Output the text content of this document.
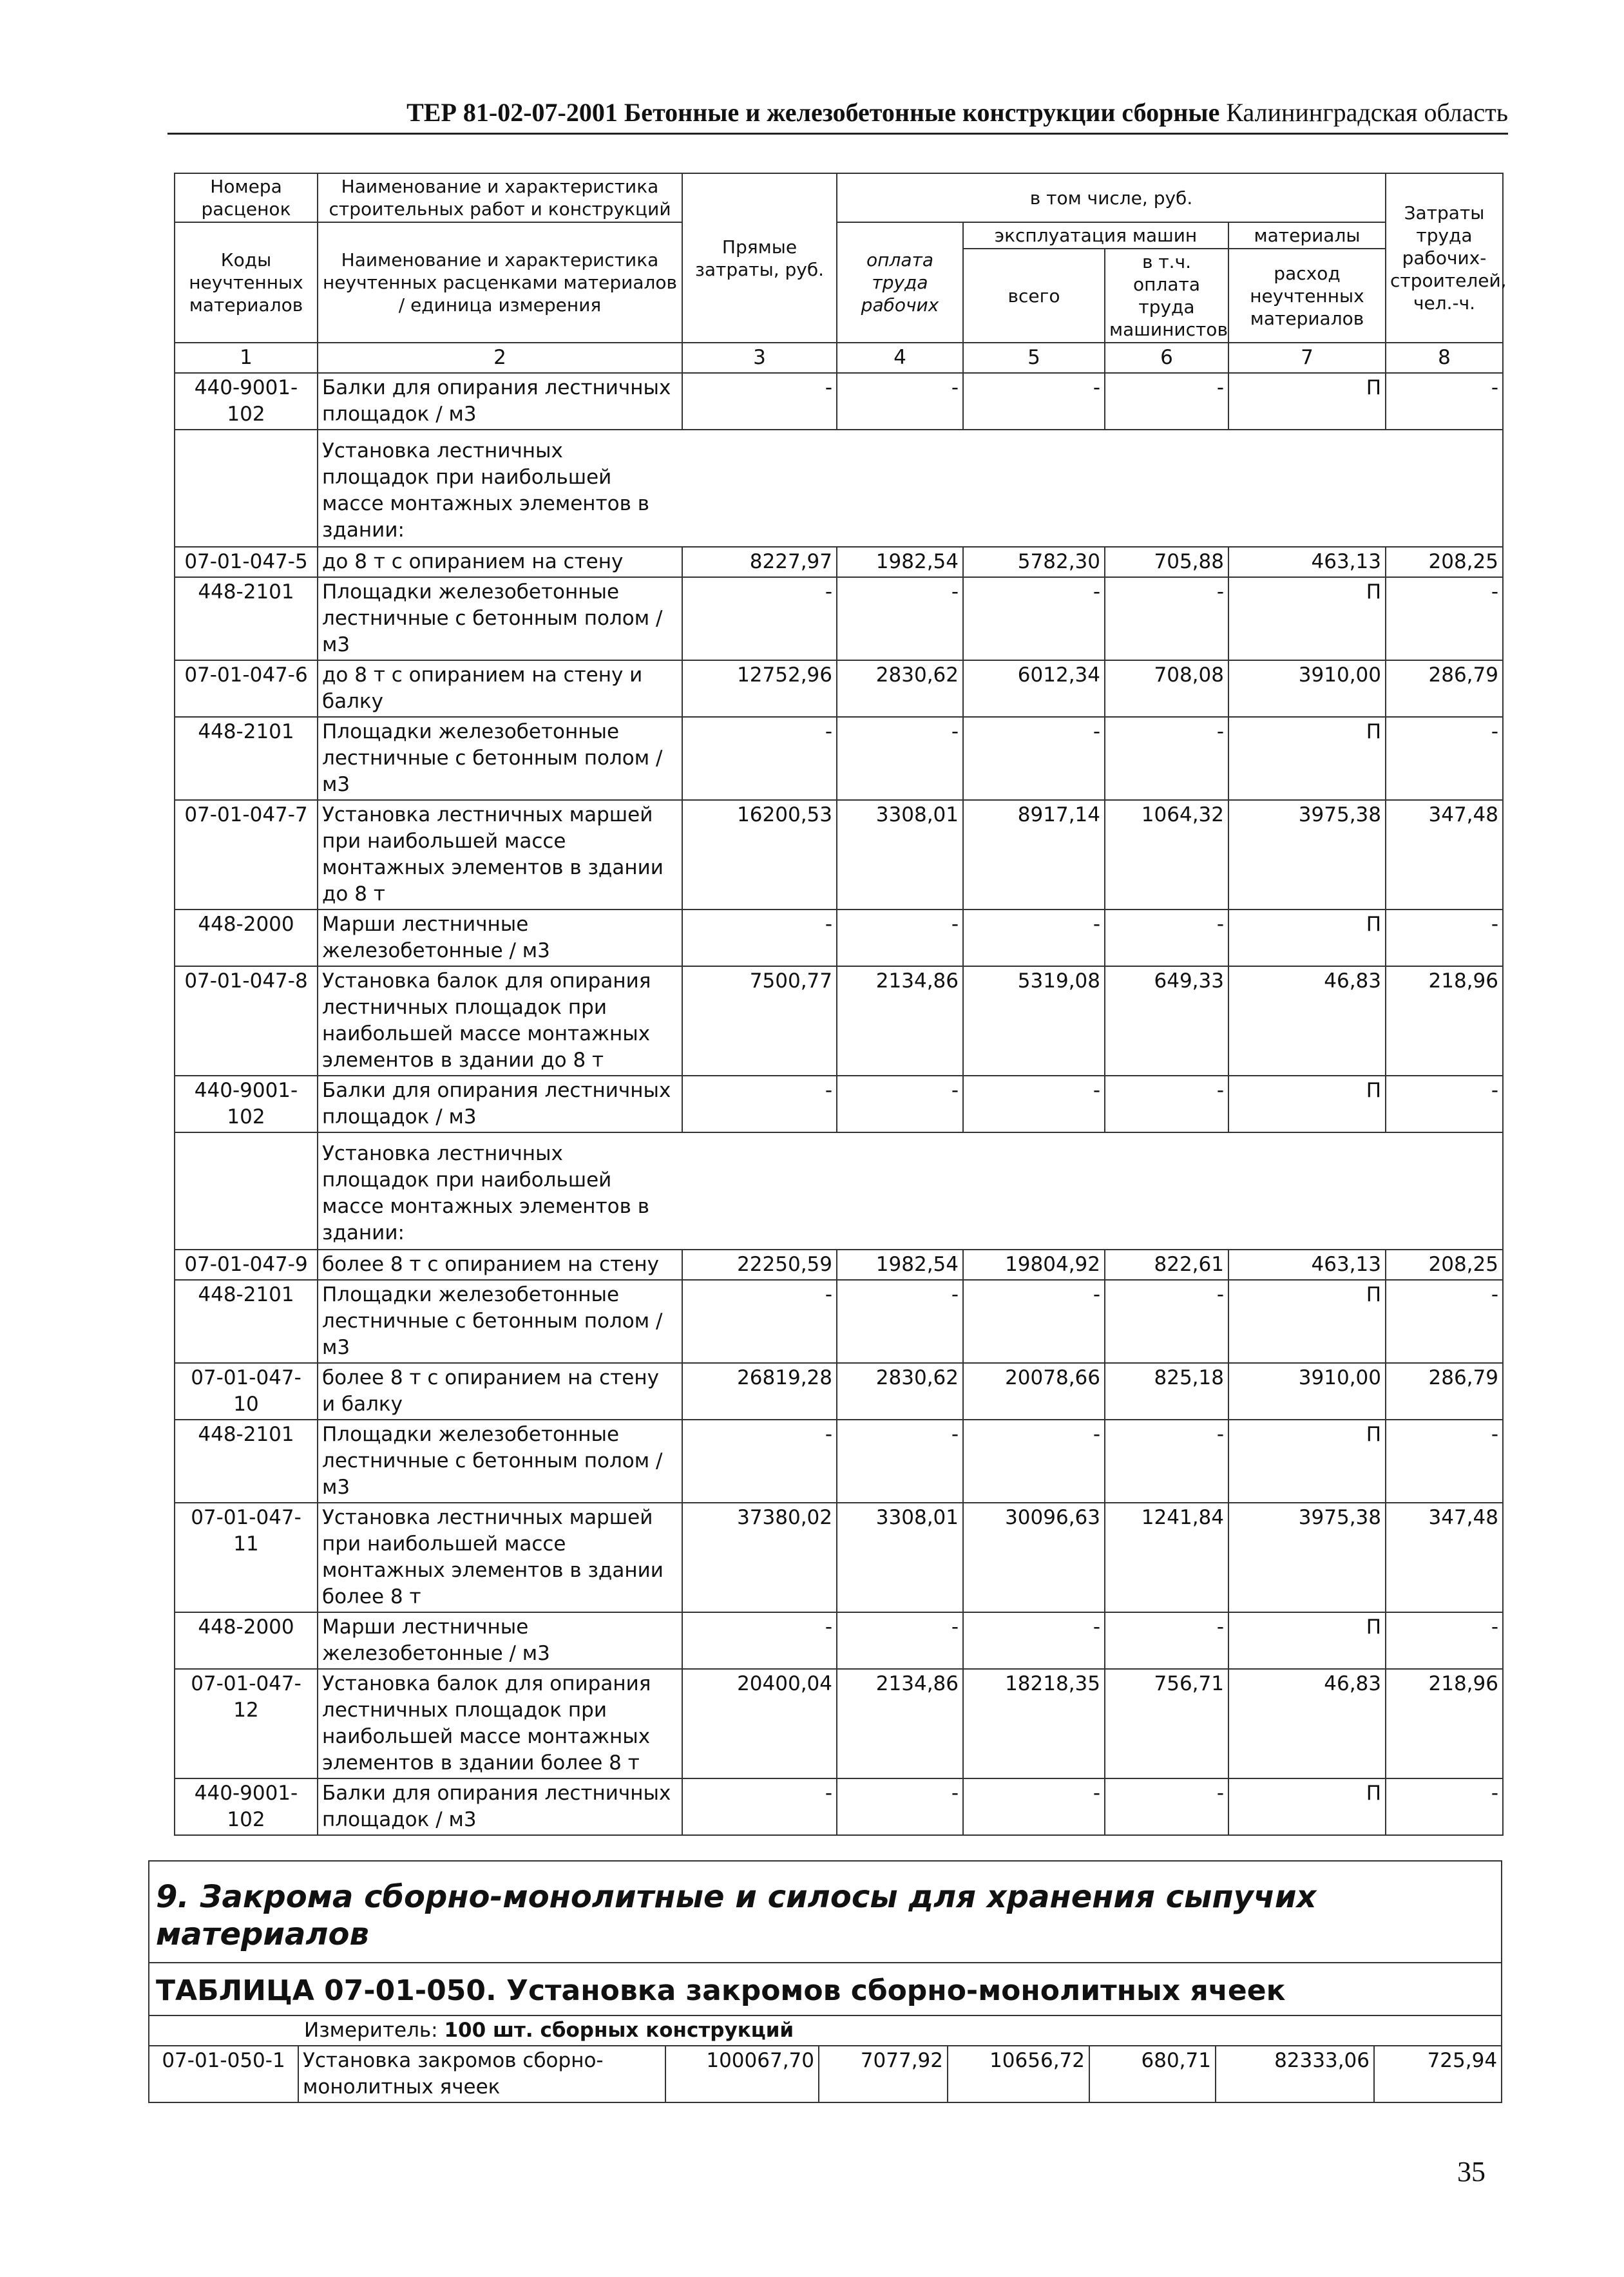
ТЕР 81-02-07-2001 Бетонные и железобетонные конструкции сборные Калининградская область
Номера расценок	Наименование и характеристика строительных работ и конструкций	Прямые затраты, руб.	в том числе, руб.				Затраты труда рабочих-строителей, чел.-ч.
Коды неучтенных материалов	Наименование и характеристика неучтенных расценками материалов / единица измерения		оплата труда рабочих	эксплуатация машин		материалы	
				всего	в т.ч. оплата труда машинистов	расход неучтенных материалов	
1	2	3	4	5	6	7	8
440-9001-102	Балки для опирания лестничных площадок / м3	-	-	-	-	П	-

	Установка лестничных площадок при наибольшей массе монтажных элементов в здании:						

07-01-047-5	до 8 т с опиранием на стену	8227,97	1982,54	5782,30	705,88	463,13	208,25
448-2101	Площадки железобетонные лестничные с бетонным полом / м3	-	-	-	-	П	-
07-01-047-6	до 8 т с опиранием на стену и балку	12752,96	2830,62	6012,34	708,08	3910,00	286,79
448-2101	Площадки железобетонные лестничные с бетонным полом / м3	-	-	-	-	П	-
07-01-047-7	Установка лестничных маршей при наибольшей массе монтажных элементов в здании до 8 т	16200,53	3308,01	8917,14	1064,32	3975,38	347,48
448-2000	Марши лестничные железобетонные / м3	-	-	-	-	П	-
07-01-047-8	Установка балок для опирания лестничных площадок при наибольшей массе монтажных элементов в здании до 8 т	7500,77	2134,86	5319,08	649,33	46,83	218,96
440-9001-102	Балки для опирания лестничных площадок / м3	-	-	-	-	П	-

	Установка лестничных площадок при наибольшей массе монтажных элементов в здании:						

07-01-047-9	более 8 т с опиранием на стену	22250,59	1982,54	19804,92	822,61	463,13	208,25
448-2101	Площадки железобетонные лестничные с бетонным полом / м3	-	-	-	-	П	-
07-01-047-10	более 8 т с опиранием на стену и балку	26819,28	2830,62	20078,66	825,18	3910,00	286,79
448-2101	Площадки железобетонные лестничные с бетонным полом / м3	-	-	-	-	П	-
07-01-047-11	Установка лестничных маршей при наибольшей массе монтажных элементов в здании более 8 т	37380,02	3308,01	30096,63	1241,84	3975,38	347,48
448-2000	Марши лестничные железобетонные / м3	-	-	-	-	П	-
07-01-047-12	Установка балок для опирания лестничных площадок при наибольшей массе монтажных элементов в здании более 8 т	20400,04	2134,86	18218,35	756,71	46,83	218,96
440-9001-102	Балки для опирания лестничных площадок / м3	-	-	-	-	П	-
9. Закрома сборно-монолитные и силосы для хранения сыпучих материалов
ТАБЛИЦА 07-01-050. Установка закромов сборно-монолитных ячеек
Измеритель: 100 шт. сборных конструкций
07-01-050-1	Установка закромов сборно-монолитных ячеек	100067,70	7077,92	10656,72	680,71	82333,06	725,94
35
